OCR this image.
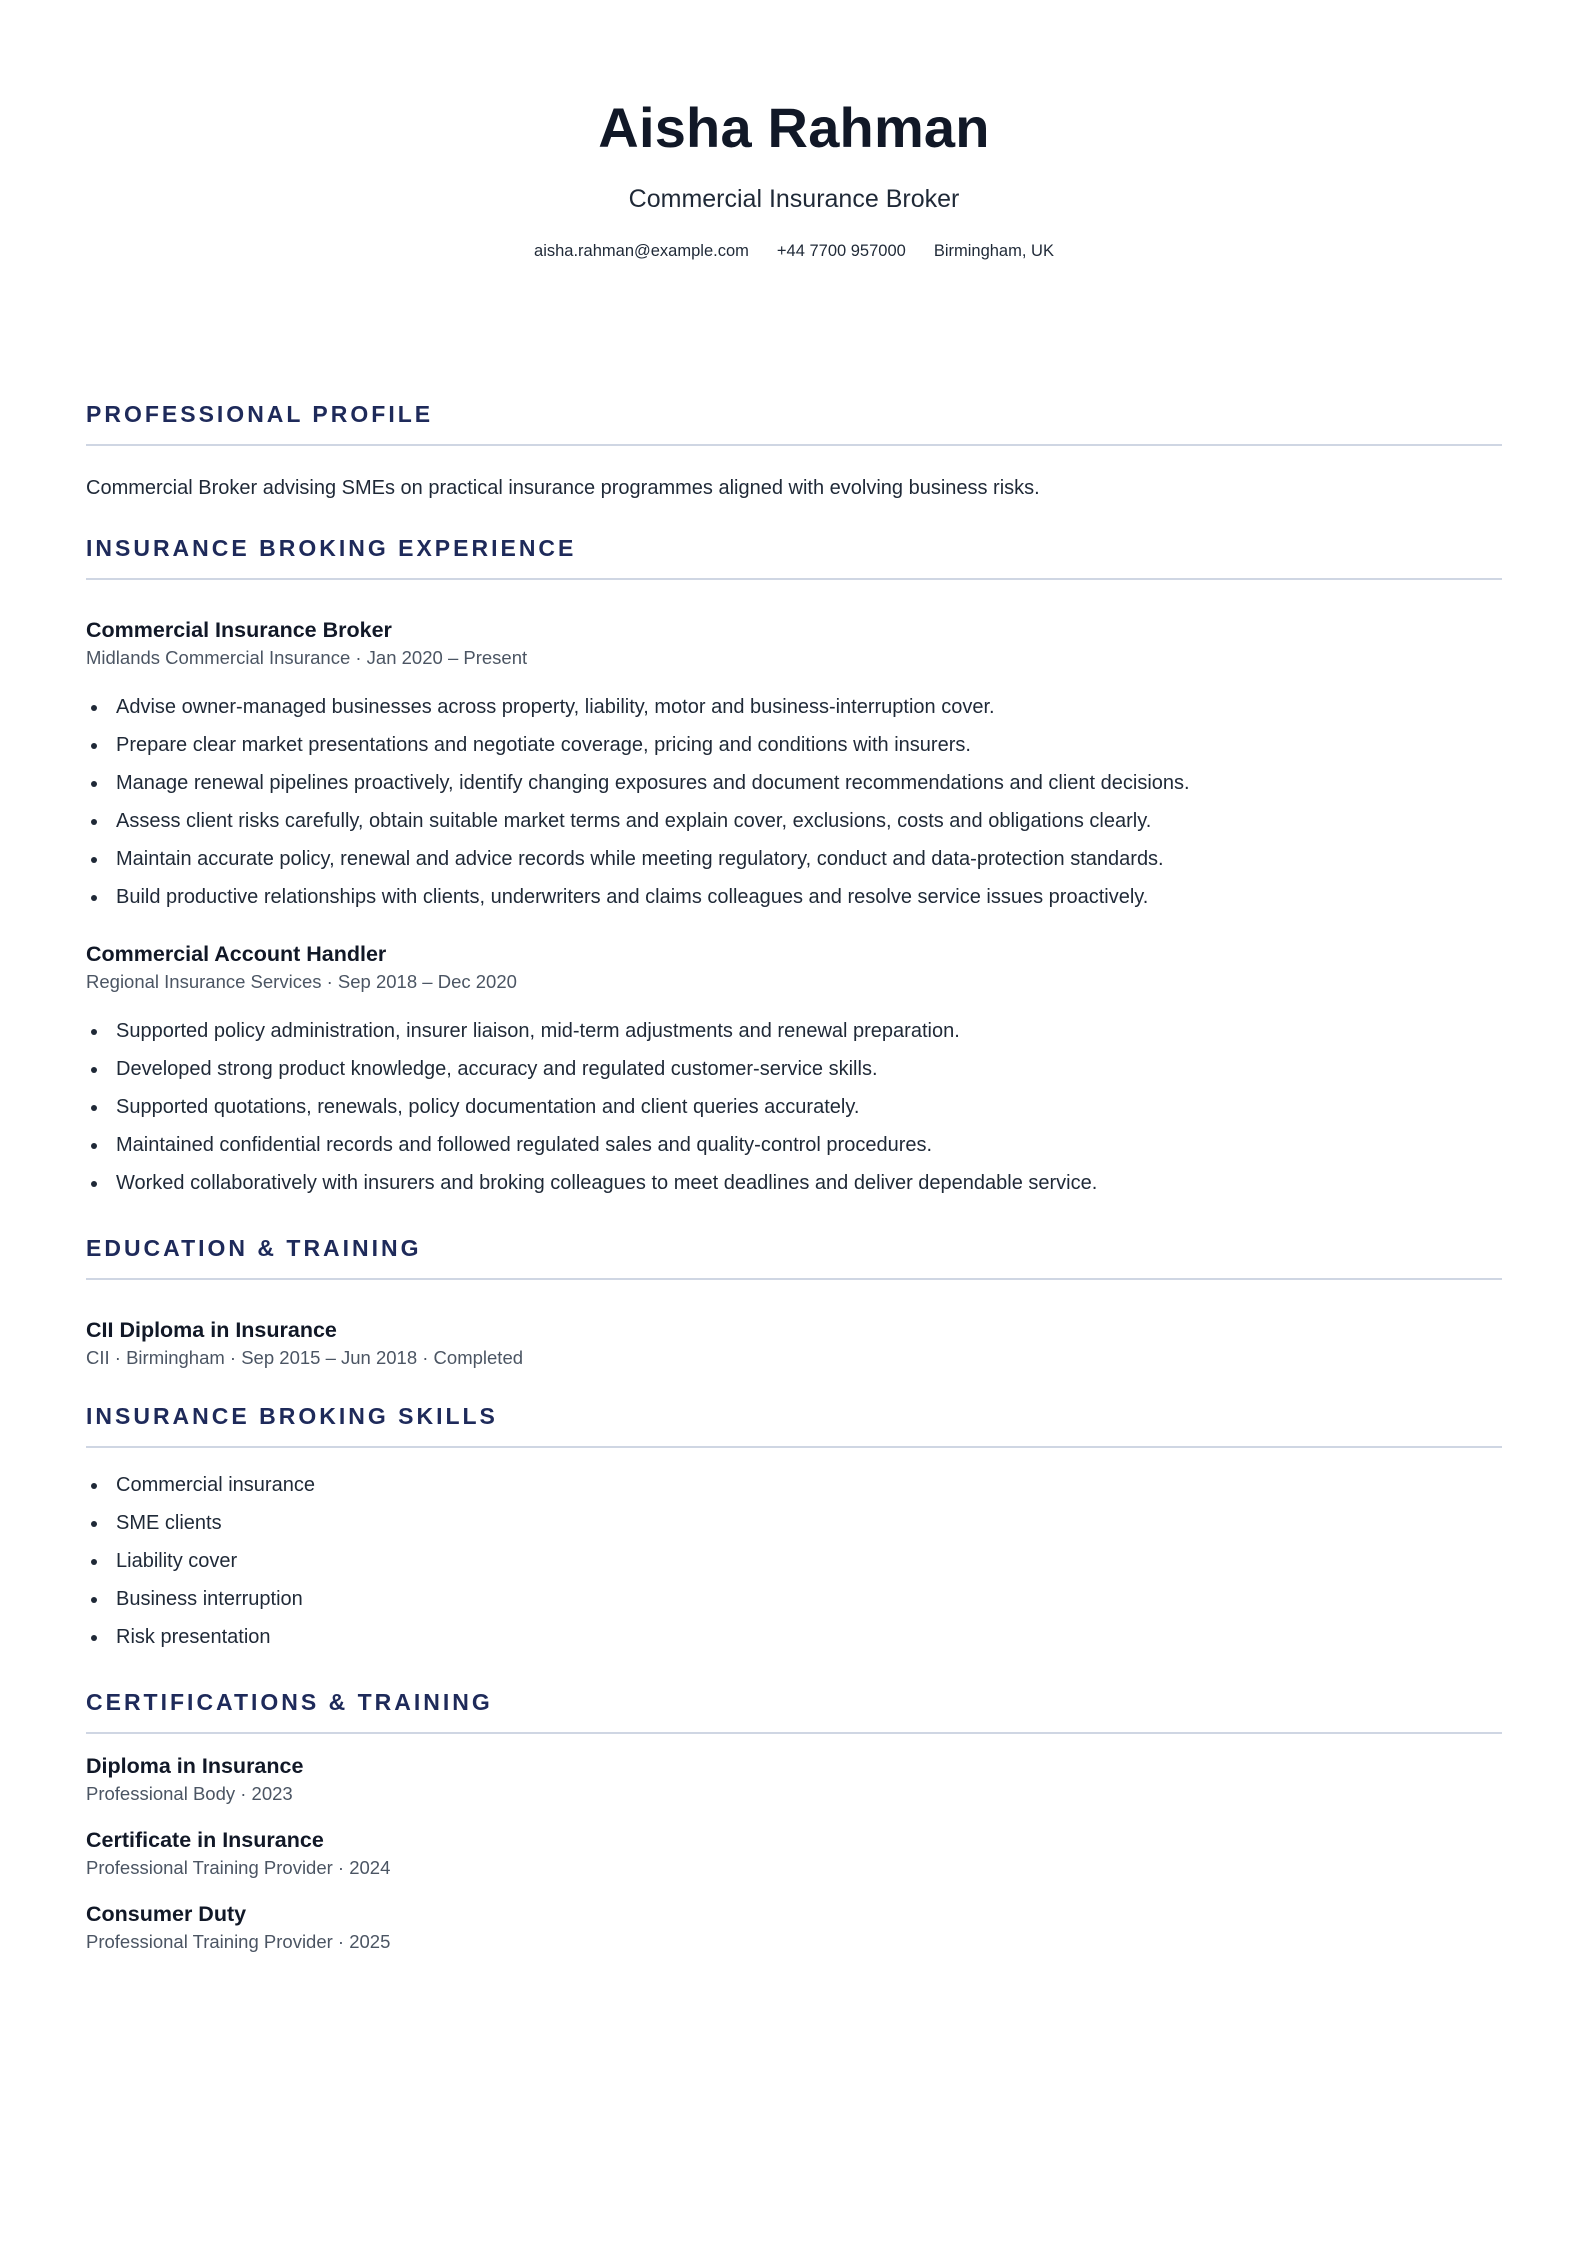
Aisha Rahman
Commercial Insurance Broker
aisha.rahman@example.com +44 7700 957000 Birmingham, UK
PROFESSIONAL PROFILE

Commercial Broker advising SMEs on practical insurance programmes aligned with evolving business risks.

INSURANCE BROKING EXPERIENCE
Commercial Insurance Broker
Midlands Commercial Insurance · Jan 2020 – Present
Advise owner-managed businesses across property, liability, motor and business-interruption cover.
Prepare clear market presentations and negotiate coverage, pricing and conditions with insurers.
Manage renewal pipelines proactively, identify changing exposures and document recommendations and client decisions.
Assess client risks carefully, obtain suitable market terms and explain cover, exclusions, costs and obligations clearly.
Maintain accurate policy, renewal and advice records while meeting regulatory, conduct and data-protection standards.
Build productive relationships with clients, underwriters and claims colleagues and resolve service issues proactively.
Commercial Account Handler
Regional Insurance Services · Sep 2018 – Dec 2020
Supported policy administration, insurer liaison, mid-term adjustments and renewal preparation.
Developed strong product knowledge, accuracy and regulated customer-service skills.
Supported quotations, renewals, policy documentation and client queries accurately.
Maintained confidential records and followed regulated sales and quality-control procedures.
Worked collaboratively with insurers and broking colleagues to meet deadlines and deliver dependable service.
EDUCATION & TRAINING
CII Diploma in Insurance
CII · Birmingham · Sep 2015 – Jun 2018 · Completed
INSURANCE BROKING SKILLS
Commercial insurance
SME clients
Liability cover
Business interruption
Risk presentation
CERTIFICATIONS & TRAINING
Diploma in Insurance
Professional Body · 2023
Certificate in Insurance
Professional Training Provider · 2024
Consumer Duty
Professional Training Provider · 2025
